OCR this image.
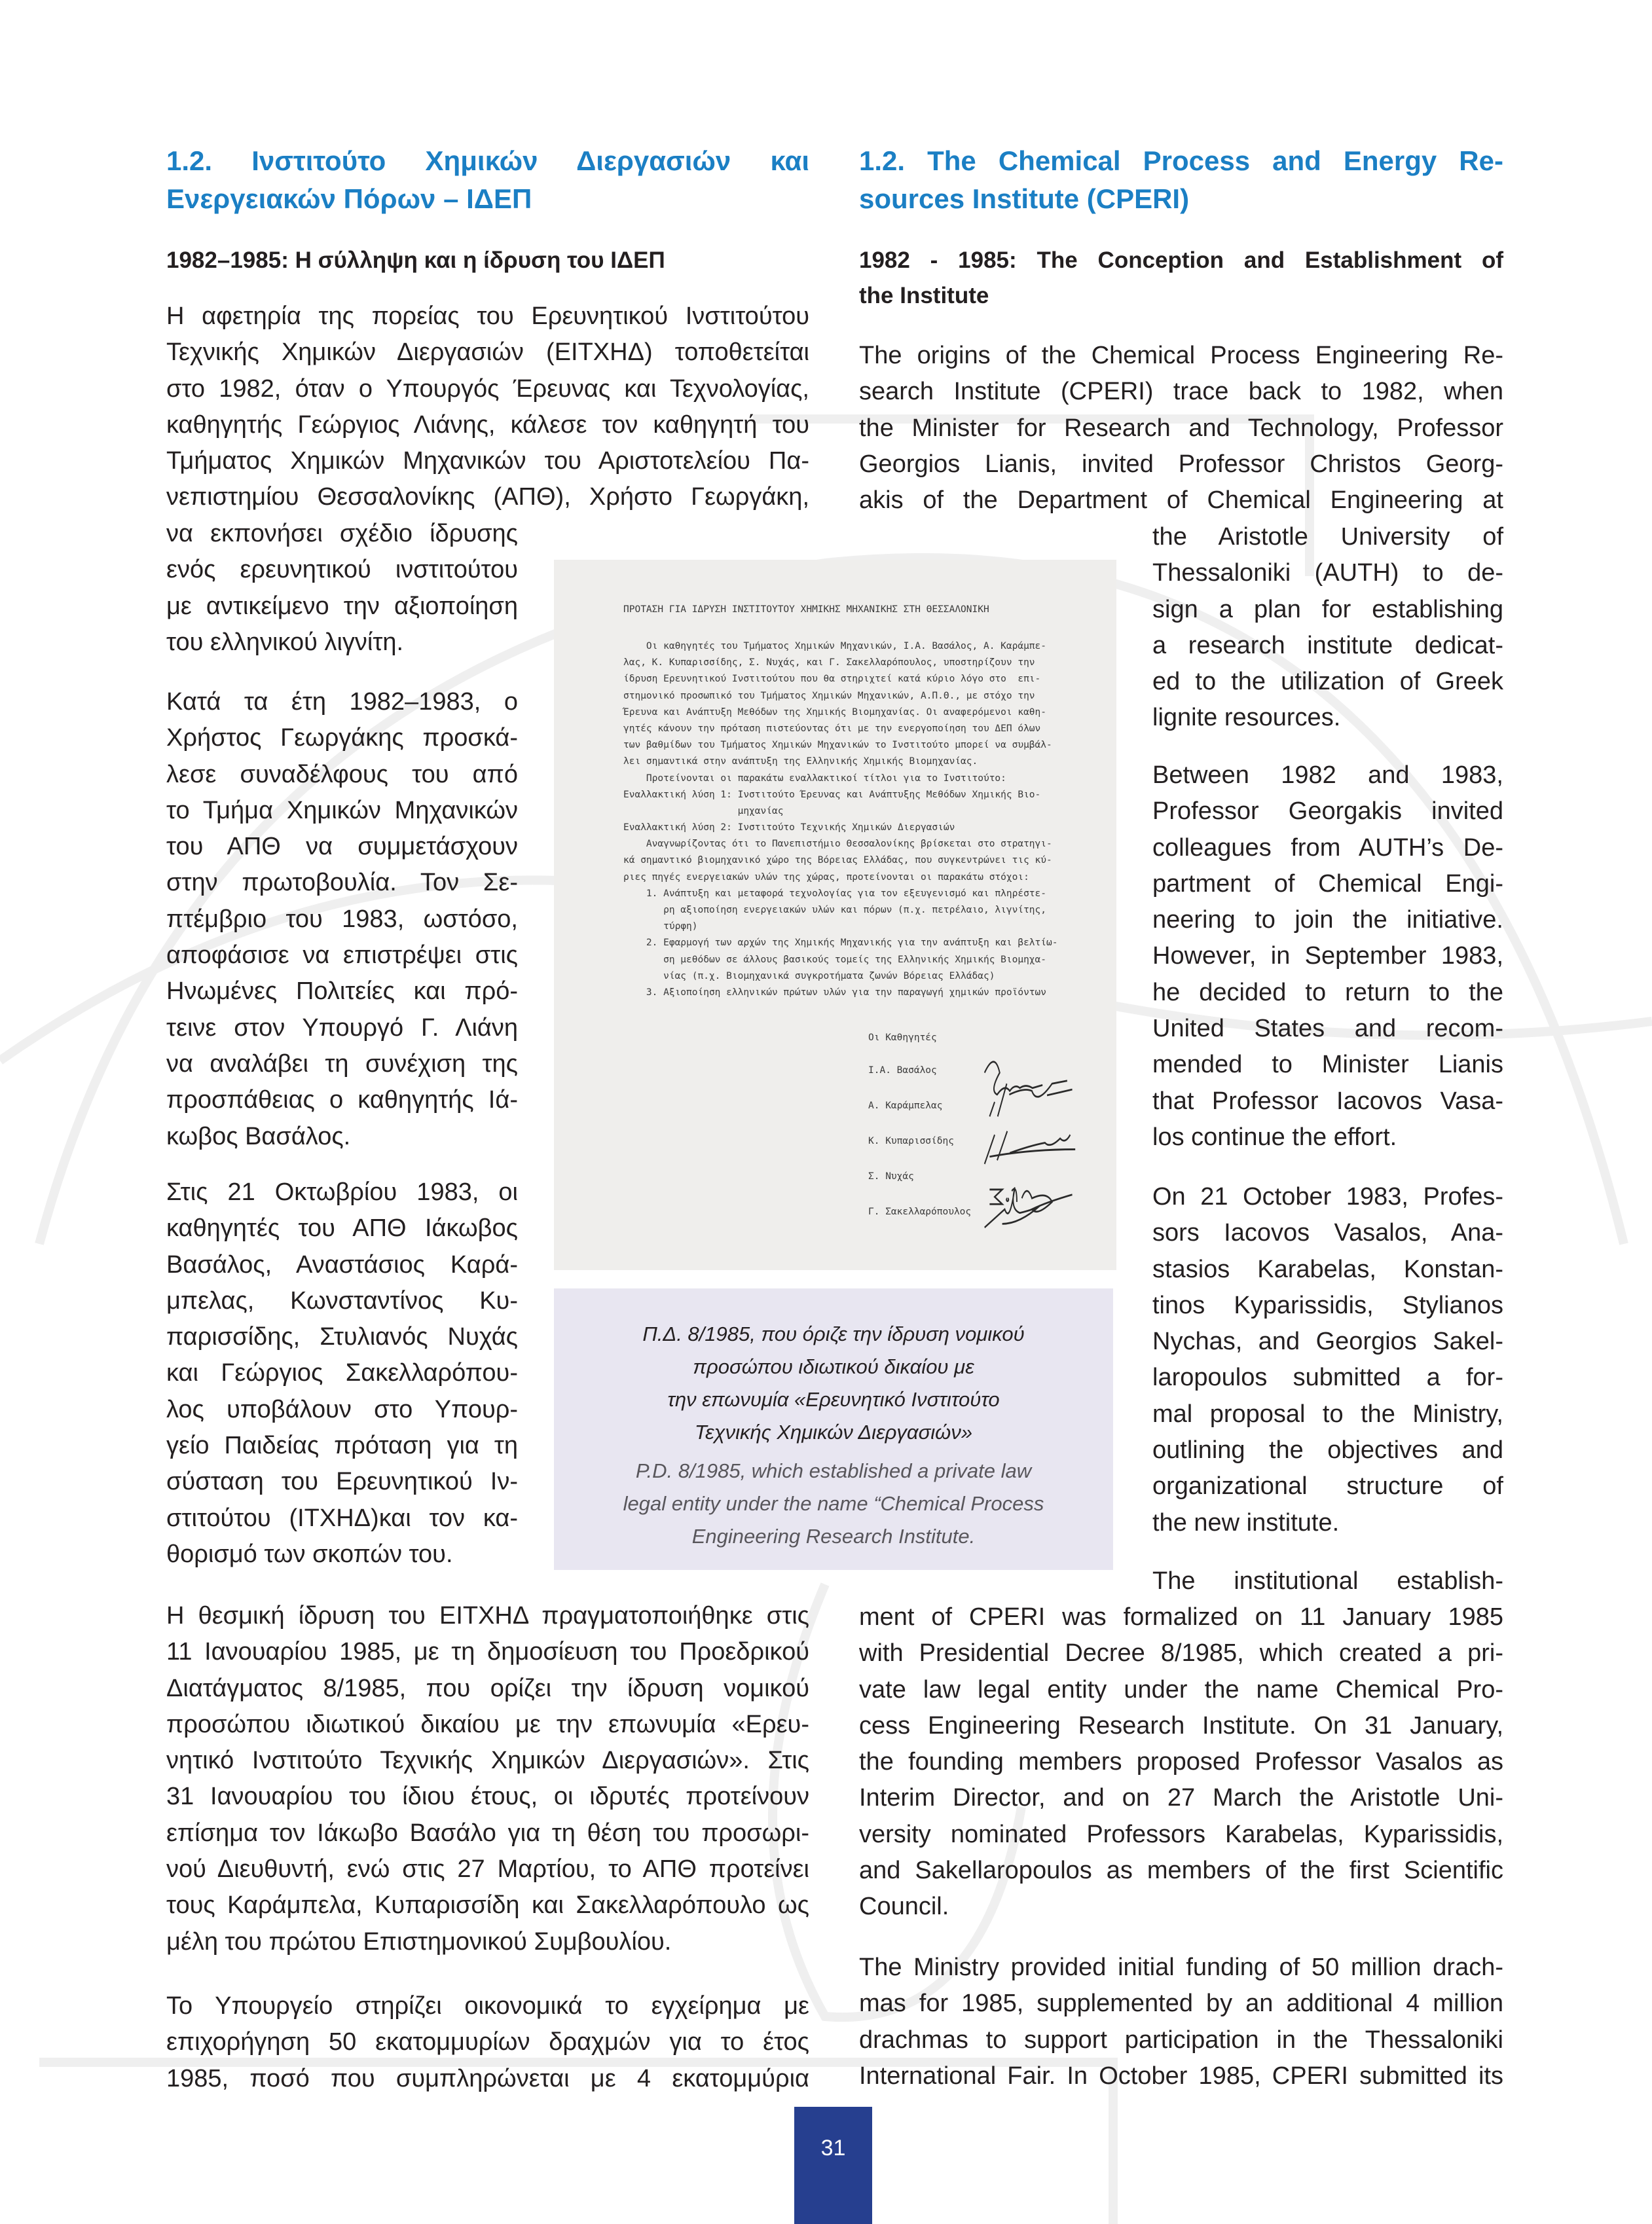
ΠΡΟΤΑΣΗ ΓΙΑ ΙΔΡΥΣΗ ΙΝΣΤΙΤΟΥΤΟΥ ΧΗΜΙΚΗΣ ΜΗΧΑΝΙΚΗΣ ΣΤΗ ΘΕΣΣΑΛΟΝΙΚΗ
Οι καθηγητές του Τμήματος Χημικών Μηχανικών, Ι.Α. Βασάλος, Α. Καράμπε-
λας, Κ. Κυπαρισσίδης, Σ. Νυχάς, και Γ. Σακελλαρόπουλος, υποστηρίζουν την
ίδρυση Ερευνητικού Ινστιτούτου που θα στηριχτεί κατά κύριο λόγο στο  επι-
στημονικό προσωπικό του Τμήματος Χημικών Μηχανικών, Α.Π.Θ., με στόχο την
Έρευνα και Ανάπτυξη Μεθόδων της Χημικής Βιομηχανίας. Οι αναφερόμενοι καθη-
γητές κάνουν την πρόταση πιστεύοντας ότι με την ενεργοποίηση του ΔΕΠ όλων
των βαθμίδων του Τμήματος Χημικών Μηχανικών το Ινστιτούτο μπορεί να συμβάλ-
λει σημαντικά στην ανάπτυξη της Ελληνικής Χημικής Βιομηχανίας.
Προτείνονται οι παρακάτω εναλλακτικοί τίτλοι για το Ινστιτούτο:
Εναλλακτική λύση 1: Ινστιτούτο Έρευνας και Ανάπτυξης Μεθόδων Χημικής Βιο-
μηχανίας
Εναλλακτική λύση 2: Ινστιτούτο Τεχνικής Χημικών Διεργασιών
Αναγνωρίζοντας ότι το Πανεπιστήμιο Θεσσαλονίκης βρίσκεται στο στρατηγι-
κά σημαντικό βιομηχανικό χώρο της Βόρειας Ελλάδας, που συγκεντρώνει τις κύ-
ριες πηγές ενεργειακών υλών της χώρας, προτείνονται οι παρακάτω στόχοι:
1. Ανάπτυξη και μεταφορά τεχνολογίας για τον εξευγενισμό και πληρέστε-
ρη αξιοποίηση ενεργειακών υλών και πόρων (π.χ. πετρέλαιο, λιγνίτης,
τύρφη)
2. Εφαρμογή των αρχών της Χημικής Μηχανικής για την ανάπτυξη και βελτίω-
ση μεθόδων σε άλλους βασικούς τομείς της Ελληνικής Χημικής Βιομηχα-
νίας (π.χ. Βιομηχανικά συγκροτήματα ζωνών Βόρειας Ελλάδας)
3. Αξιοποίηση ελληνικών πρώτων υλών για την παραγωγή χημικών προϊόντων
Οι Καθηγητές
Ι.Α. Βασάλος
Α. Καράμπελας
Κ. Κυπαρισσίδης
Σ. Νυχάς
Γ. Σακελλαρόπουλος
Π.Δ. 8/1985, που όριζε την ίδρυση νομικού
προσώπου ιδιωτικού δικαίου με
την επωνυμία «Ερευνητικό Ινστιτούτο
Τεχνικής Χημικών Διεργασιών»
P.D. 8/1985, which established a private law
legal entity under the name “Chemical Process
Engineering Research Institute.
31
1.2. Ινστιτούτο Χημικών Διεργασιών και
Ενεργειακών Πόρων – ΙΔΕΠ
1982–1985: Η σύλληψη και η ίδρυση του ΙΔΕΠ
Η αφετηρία της πορείας του Ερευνητικού Ινστιτούτου
Τεχνικής Χημικών Διεργασιών (ΕΙΤΧΗΔ) τοποθετείται
στο 1982, όταν ο Υπουργός Έρευνας και Τεχνολογίας,
καθηγητής Γεώργιος Λιάνης, κάλεσε τον καθηγητή του
Τμήματος Χημικών Μηχανικών του Αριστοτελείου Πα-
νεπιστημίου Θεσσαλονίκης (ΑΠΘ), Χρήστο Γεωργάκη,
να εκπονήσει σχέδιο ίδρυσης
ενός ερευνητικού ινστιτούτου
με αντικείμενο την αξιοποίηση
του ελληνικού λιγνίτη.
Κατά τα έτη 1982–1983, ο
Χρήστος Γεωργάκης προσκά-
λεσε συναδέλφους του από
το Τμήμα Χημικών Μηχανικών
του ΑΠΘ να συμμετάσχουν
στην πρωτοβουλία. Τον Σε-
πτέμβριο του 1983, ωστόσο,
αποφάσισε να επιστρέψει στις
Ηνωμένες Πολιτείες και πρό-
τεινε στον Υπουργό Γ. Λιάνη
να αναλάβει τη συνέχιση της
προσπάθειας ο καθηγητής Ιά-
κωβος Βασάλος.
Στις 21 Οκτωβρίου 1983, οι
καθηγητές του ΑΠΘ Ιάκωβος
Βασάλος, Αναστάσιος Καρά-
μπελας, Κωνσταντίνος Κυ-
παρισσίδης, Στυλιανός Νυχάς
και Γεώργιος Σακελλαρόπου-
λος υποβάλουν στο Υπουρ-
γείο Παιδείας πρόταση για τη
σύσταση του Ερευνητικού Ιν-
στιτούτου (ΙΤΧΗΔ)και τον κα-
θορισμό των σκοπών του.
Η θεσμική ίδρυση του ΕΙΤΧΗΔ πραγματοποιήθηκε στις
11 Ιανουαρίου 1985, με τη δημοσίευση του Προεδρικού
Διατάγματος 8/1985, που ορίζει την ίδρυση νομικού
προσώπου ιδιωτικού δικαίου με την επωνυμία «Ερευ-
νητικό Ινστιτούτο Τεχνικής Χημικών Διεργασιών». Στις
31 Ιανουαρίου του ίδιου έτους, οι ιδρυτές προτείνουν
επίσημα τον Ιάκωβο Βασάλο για τη θέση του προσωρι-
νού Διευθυντή, ενώ στις 27 Μαρτίου, το ΑΠΘ προτείνει
τους Καράμπελα, Κυπαρισσίδη και Σακελλαρόπουλο ως
μέλη του πρώτου Επιστημονικού Συμβουλίου.
Το Υπουργείο στηρίζει οικονομικά το εγχείρημα με
επιχορήγηση 50 εκατομμυρίων δραχμών για το έτος
1985, ποσό που συμπληρώνεται με 4 εκατομμύρια
1.2. The Chemical Process and Energy Re-
sources Institute (CPERI)
1982 - 1985: The Conception and Establishment of
the Institute
The origins of the Chemical Process Engineering Re-
search Institute (CPERI) trace back to 1982, when
the Minister for Research and Technology, Professor
Georgios Lianis, invited Professor Christos Georg-
akis of the Department of Chemical Engineering at
the Aristotle University of
Thessaloniki (AUTH) to de-
sign a plan for establishing
a research institute dedicat-
ed to the utilization of Greek
lignite resources.
Between 1982 and 1983,
Professor Georgakis invited
colleagues from AUTH’s De-
partment of Chemical Engi-
neering to join the initiative.
However, in September 1983,
he decided to return to the
United States and recom-
mended to Minister Lianis
that Professor Iacovos Vasa-
los continue the effort.
On 21 October 1983, Profes-
sors Iacovos Vasalos, Ana-
stasios Karabelas, Konstan-
tinos Kyparissidis, Stylianos
Nychas, and Georgios Sakel-
laropoulos submitted a for-
mal proposal to the Ministry,
outlining the objectives and
organizational structure of
the new institute.
The institutional establish-
ment of CPERI was formalized on 11 January 1985
with Presidential Decree 8/1985, which created a pri-
vate law legal entity under the name Chemical Pro-
cess Engineering Research Institute. On 31 January,
the founding members proposed Professor Vasalos as
Interim Director, and on 27 March the Aristotle Uni-
versity nominated Professors Karabelas, Kyparissidis,
and Sakellaropoulos as members of the first Scientific
Council.
The Ministry provided initial funding of 50 million drach-
mas for 1985, supplemented by an additional 4 million
drachmas to support participation in the Thessaloniki
International Fair. In October 1985, CPERI submitted its
